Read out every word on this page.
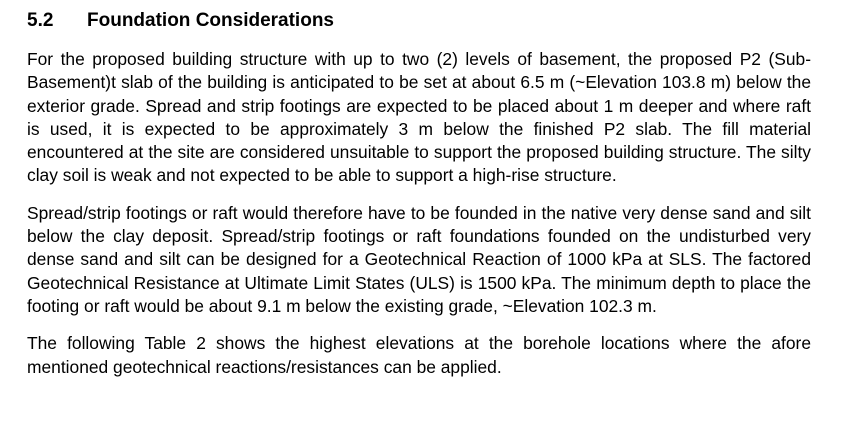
5.2 Foundation Considerations

For the proposed building structure with up to two (2) levels of basement, the proposed P2 (Sub-Basement)t slab of the building is anticipated to be set at about 6.5 m (~Elevation 103.8 m) below the exterior grade. Spread and strip footings are expected to be placed about 1 m deeper and where raft is used, it is expected to be approximately 3 m below the finished P2 slab. The fill material encountered at the site are considered unsuitable to support the proposed building structure. The silty clay soil is weak and not expected to be able to support a high-rise structure.

Spread/strip footings or raft would therefore have to be founded in the native very dense sand and silt below the clay deposit. Spread/strip footings or raft foundations founded on the undisturbed very dense sand and silt can be designed for a Geotechnical Reaction of 1000 kPa at SLS. The factored Geotechnical Resistance at Ultimate Limit States (ULS) is 1500 kPa. The minimum depth to place the footing or raft would be about 9.1 m below the existing grade, ~Elevation 102.3 m.

The following Table 2 shows the highest elevations at the borehole locations where the afore mentioned geotechnical reactions/resistances can be applied.
